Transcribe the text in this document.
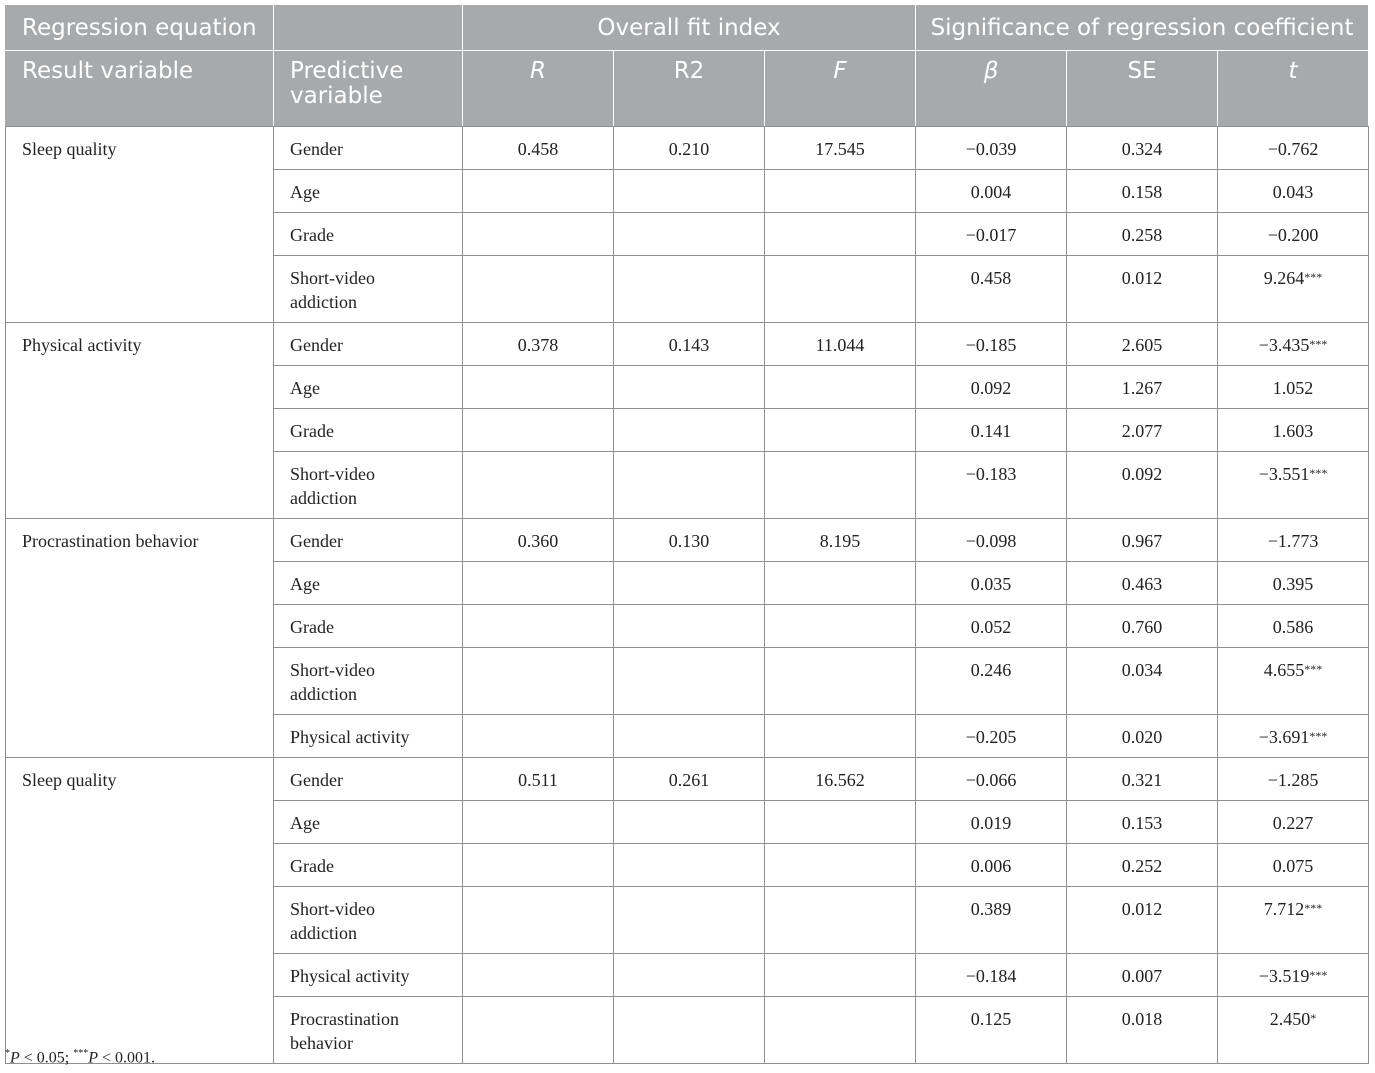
Regression equation		Overall fit index			Significance of regression coefficient		
Result variable	Predictive variable	R	R2	F	β	SE	t
Sleep quality	Gender	0.458	0.210	17.545	−0.039	0.324	−0.762
	Age				0.004	0.158	0.043
	Grade				−0.017	0.258	−0.200
	Short-video addiction				0.458	0.012	9.264***
Physical activity	Gender	0.378	0.143	11.044	−0.185	2.605	−3.435***
	Age				0.092	1.267	1.052
	Grade				0.141	2.077	1.603
	Short-video addiction				−0.183	0.092	−3.551***
Procrastination behavior	Gender	0.360	0.130	8.195	−0.098	0.967	−1.773
	Age				0.035	0.463	0.395
	Grade				0.052	0.760	0.586
	Short-video addiction				0.246	0.034	4.655***
	Physical activity				−0.205	0.020	−3.691***
Sleep quality	Gender	0.511	0.261	16.562	−0.066	0.321	−1.285
	Age				0.019	0.153	0.227
	Grade				0.006	0.252	0.075
	Short-video addiction				0.389	0.012	7.712***
	Physical activity				−0.184	0.007	−3.519***
	Procrastination behavior				0.125	0.018	2.450*
*P < 0.05; ***P < 0.001.
